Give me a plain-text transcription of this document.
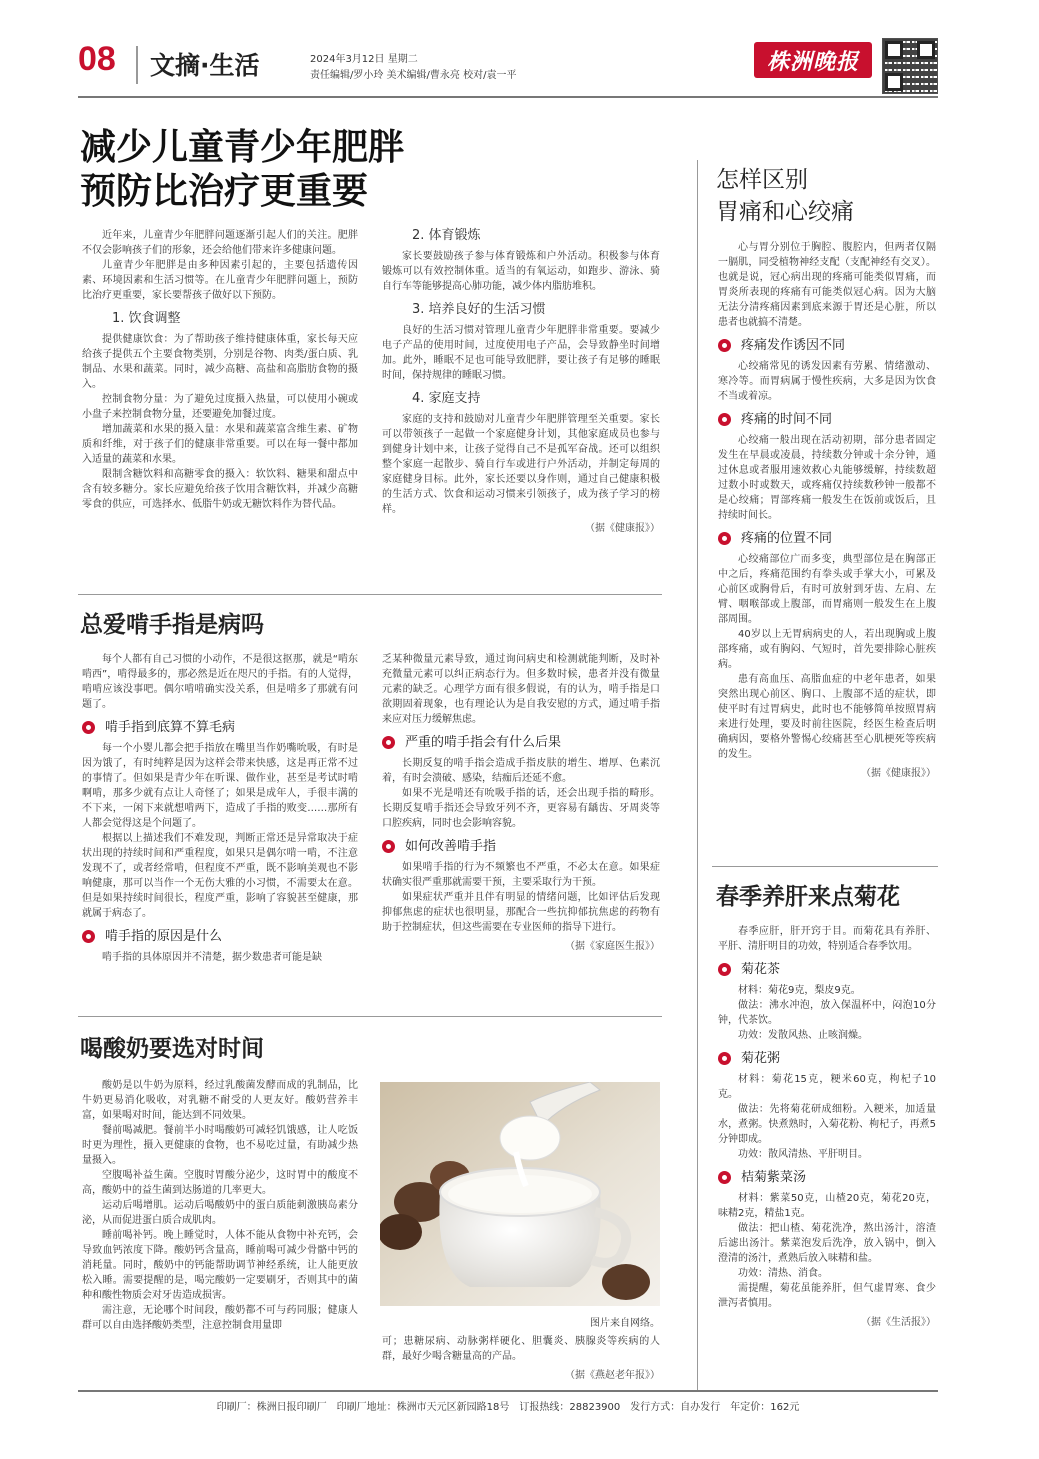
08 文摘·生活	2024年3月12日 星期二
责任编辑/罗小玲 美术编辑/曹永亮 校对/袁一平
株洲晚报
减少儿童青少年肥胖
预防比治疗更重要

近年来，儿童青少年肥胖问题逐渐引起人们的关注。肥胖不仅会影响孩子们的形象，还会给他们带来许多健康问题。

儿童青少年肥胖是由多种因素引起的，主要包括遗传因素、环境因素和生活习惯等。在儿童青少年肥胖问题上，预防比治疗更重要，家长要帮孩子做好以下预防。

1. 饮食调整

提供健康饮食：为了帮助孩子维持健康体重，家长每天应给孩子提供五个主要食物类别，分别是谷物、肉类/蛋白质、乳制品、水果和蔬菜。同时，减少高糖、高盐和高脂肪食物的摄入。

控制食物分量：为了避免过度摄入热量，可以使用小碗或小盘子来控制食物分量，还要避免加餐过度。

增加蔬菜和水果的摄入量：水果和蔬菜富含维生素、矿物质和纤维，对于孩子们的健康非常重要。可以在每一餐中都加入适量的蔬菜和水果。

限制含糖饮料和高糖零食的摄入：软饮料、糖果和甜点中含有较多糖分。家长应避免给孩子饮用含糖饮料，并减少高糖零食的供应，可选择水、低脂牛奶或无糖饮料作为替代品。

2. 体育锻炼

家长要鼓励孩子参与体育锻炼和户外活动。积极参与体育锻炼可以有效控制体重。适当的有氧运动，如跑步、游泳、骑自行车等能够提高心肺功能，减少体内脂肪堆积。

3. 培养良好的生活习惯

良好的生活习惯对管理儿童青少年肥胖非常重要。要减少电子产品的使用时间，过度使用电子产品，会导致静坐时间增加。此外，睡眠不足也可能导致肥胖，要让孩子有足够的睡眠时间，保持规律的睡眠习惯。

4. 家庭支持

家庭的支持和鼓励对儿童青少年肥胖管理至关重要。家长可以带领孩子一起做一个家庭健身计划，其他家庭成员也参与到健身计划中来，让孩子觉得自己不是孤军奋战。还可以组织整个家庭一起散步、骑自行车或进行户外活动，并制定每周的家庭健身目标。此外，家长还要以身作则，通过自己健康积极的生活方式、饮食和运动习惯来引领孩子，成为孩子学习的榜样。

（据《健康报》）
总爱啃手指是病吗

每个人都有自己习惯的小动作，不是很这抠那，就是“啃东啃西”，啃得最多的，那必然是近在咫尺的手指。有的人觉得，啃啃应该没事吧。偶尔啃啃确实没关系，但是啃多了那就有问题了。

啃手指到底算不算毛病

每一个小婴儿都会把手指放在嘴里当作奶嘴吮吸，有时是因为饿了，有时纯粹是因为这样会带来快感，这是再正常不过的事情了。但如果是青少年在听课、做作业，甚至是考试时啃啊啃，那多少就有点让人奇怪了；如果是成年人，手很丰满的不下来，一闲下来就想啃两下，造成了手指的败变……那所有人都会觉得这是个问题了。

根据以上描述我们不难发现，判断正常还是异常取决于症状出现的持续时间和严重程度，如果只是偶尔啃一啃，不注意发现不了，或者经常啃，但程度不严重，既不影响美观也不影响健康，那可以当作一个无伤大雅的小习惯，不需要太在意。但是如果持续时间很长，程度严重，影响了容貌甚至健康，那就属于病态了。

啃手指的原因是什么

啃手指的具体原因并不清楚，据少数患者可能是缺

乏某种微量元素导致，通过询问病史和检测就能判断，及时补充微量元素可以纠正病态行为。但多数时候，患者并没有微量元素的缺乏。心理学方面有很多假说，有的认为，啃手指是口欲期固着现象，也有理论认为是自我安慰的方式，通过啃手指来应对压力缓解焦虑。

严重的啃手指会有什么后果

长期反复的啃手指会造成手指皮肤的增生、增厚、色素沉着，有时会溃破、感染，结痂后还延不愈。

如果不光是啃还有吮吸手指的话，还会出现手指的畸形。长期反复啃手指还会导致牙列不齐，更容易有龋齿、牙周炎等口腔疾病，同时也会影响容貌。

如何改善啃手指

如果啃手指的行为不频繁也不严重，不必太在意。如果症状确实很严重那就需要干预，主要采取行为干预。

如果症状严重并且伴有明显的情绪问题，比如评估后发现抑郁焦虑的症状也很明显，那配合一些抗抑郁抗焦虑的药物有助于控制症状，但这些需要在专业医师的指导下进行。

（据《家庭医生报》）
喝酸奶要选对时间

酸奶是以牛奶为原料，经过乳酸菌发酵而成的乳制品，比牛奶更易消化吸收，对乳糖不耐受的人更友好。酸奶营养丰富，如果喝对时间，能达到不同效果。

餐前喝减肥。餐前半小时喝酸奶可减轻饥饿感，让人吃饭时更为理性，摄入更健康的食物，也不易吃过量，有助减少热量摄入。

空腹喝补益生菌。空腹时胃酸分泌少，这时胃中的酸度不高，酸奶中的益生菌到达肠道的几率更大。

运动后喝增肌。运动后喝酸奶中的蛋白质能刺激胰岛素分泌，从而促进蛋白质合成肌肉。

睡前喝补钙。晚上睡觉时，人体不能从食物中补充钙，会导致血钙浓度下降。酸奶钙含量高，睡前喝可减少骨骼中钙的消耗量。同时，酸奶中的钙能帮助调节神经系统，让人能更放松入睡。需要提醒的是，喝完酸奶一定要刷牙，否则其中的菌种和酸性物质会对牙齿造成损害。

需注意，无论哪个时间段，酸奶都不可与药同服；健康人群可以自由选择酸奶类型，注意控制食用量即	图片来自网络。

可；患糖尿病、动脉粥样硬化、胆囊炎、胰腺炎等疾病的人群，最好少喝含糖量高的产品。

（据《燕赵老年报》）
怎样区别
胃痛和心绞痛

心与胃分别位于胸腔、腹腔内，但两者仅隔一膈肌，同受植物神经支配（支配神经有交叉）。也就是说，冠心病出现的疼痛可能类似胃痛，而胃炎所表现的疼痛有可能类似冠心病。因为大脑无法分清疼痛因素到底来源于胃还是心脏，所以患者也就搞不清楚。

疼痛发作诱因不同

心绞痛常见的诱发因素有劳累、情绪激动、寒冷等。而胃病属于慢性疾病，大多是因为饮食不当或着凉。

疼痛的时间不同

心绞痛一般出现在活动初期，部分患者固定发生在早晨或凌晨，持续数分钟或十余分钟，通过休息或者服用速效救心丸能够缓解，持续数超过数小时或数天，或疼痛仅持续数秒钟一般都不是心绞痛；胃部疼痛一般发生在饭前或饭后，且持续时间长。

疼痛的位置不同

心绞痛部位广而多变，典型部位是在胸部正中之后，疼痛范围约有拳头或手掌大小，可累及心前区或胸骨后，有时可放射到牙齿、左肩、左臂、咽喉部或上腹部，而胃痛则一般发生在上腹部周围。

40岁以上无胃病病史的人，若出现胸或上腹部疼痛，或有胸闷、气短时，首先要排除心脏疾病。

患有高血压、高脂血症的中老年患者，如果突然出现心前区、胸口、上腹部不适的症状，即使平时有过胃病史，此时也不能够简单按照胃病来进行处理，要及时前往医院，经医生检查后明确病因，要格外警惕心绞痛甚至心肌梗死等疾病的发生。

（据《健康报》）
春季养肝来点菊花

春季应肝，肝开窍于目。而菊花具有养肝、平肝、清肝明目的功效，特别适合春季饮用。

菊花茶

材料：菊花9克，梨皮9克。

做法：沸水冲泡，放入保温杯中，闷泡10分钟，代茶饮。

功效：发散风热、止咳润燥。

菊花粥

材料：菊花15克，粳米60克，枸杞子10克。

做法：先将菊花研成细粉。入粳米，加适量水，煮粥。快煮熟时，入菊花粉、枸杞子，再煮5分钟即成。

功效：散风清热、平肝明目。

桔菊紫菜汤

材料：紫菜50克，山楂20克，菊花20克，味精2克，精盐1克。

做法：把山楂、菊花洗净，熬出汤汁，溶渣后滤出汤汁。紫菜泡发后洗净，放入锅中，倒入澄清的汤汁，煮熟后放入味精和盐。

功效：清热、消食。

需提醒，菊花虽能养肝，但气虚胃寒、食少泄泻者慎用。

（据《生活报》）
印刷厂：株洲日报印刷厂　印刷厂地址：株洲市天元区新园路18号　订报热线：28823900　发行方式：自办发行　年定价：162元
